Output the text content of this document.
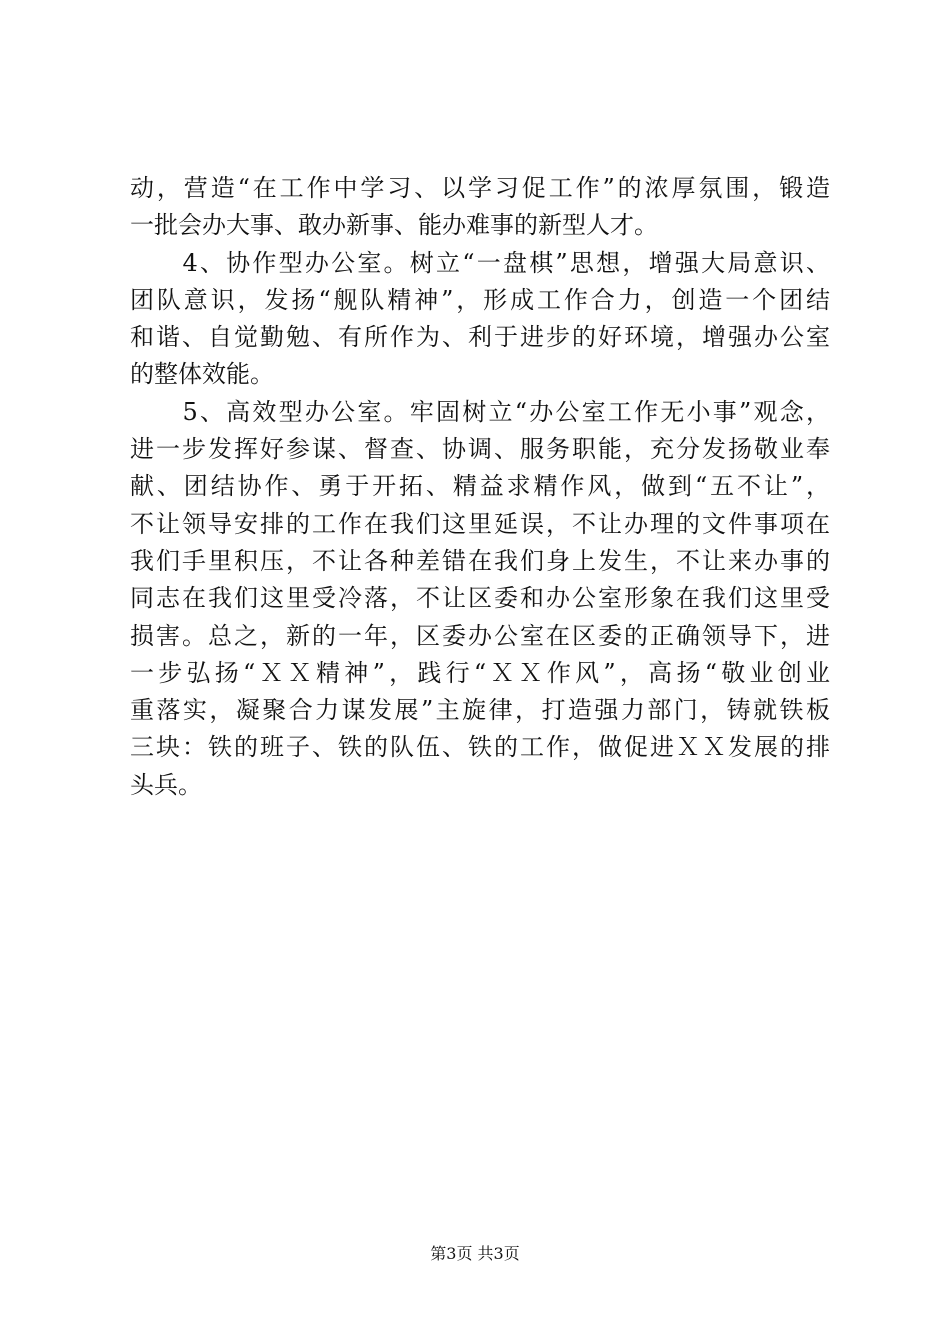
动，营造“在工作中学习、以学习促工作”的浓厚氛围，锻造
一批会办大事、敢办新事、能办难事的新型人才。
　　4、协作型办公室。树立“一盘棋”思想，增强大局意识、
团队意识，发扬“舰队精神”，形成工作合力，创造一个团结
和谐、自觉勤勉、有所作为、利于进步的好环境，增强办公室
的整体效能。
　　5、高效型办公室。牢固树立“办公室工作无小事”观念，
进一步发挥好参谋、督查、协调、服务职能，充分发扬敬业奉
献、团结协作、勇于开拓、精益求精作风，做到“五不让”，
不让领导安排的工作在我们这里延误，不让办理的文件事项在
我们手里积压，不让各种差错在我们身上发生，不让来办事的
同志在我们这里受冷落，不让区委和办公室形象在我们这里受
损害。总之，新的一年，区委办公室在区委的正确领导下，进
一步弘扬“ＸＸ精神”，践行“ＸＸ作风”，高扬“敬业创业
重落实，凝聚合力谋发展”主旋律，打造强力部门，铸就铁板
三块：铁的班子、铁的队伍、铁的工作，做促进ＸＸ发展的排
头兵。
第3页 共3页
